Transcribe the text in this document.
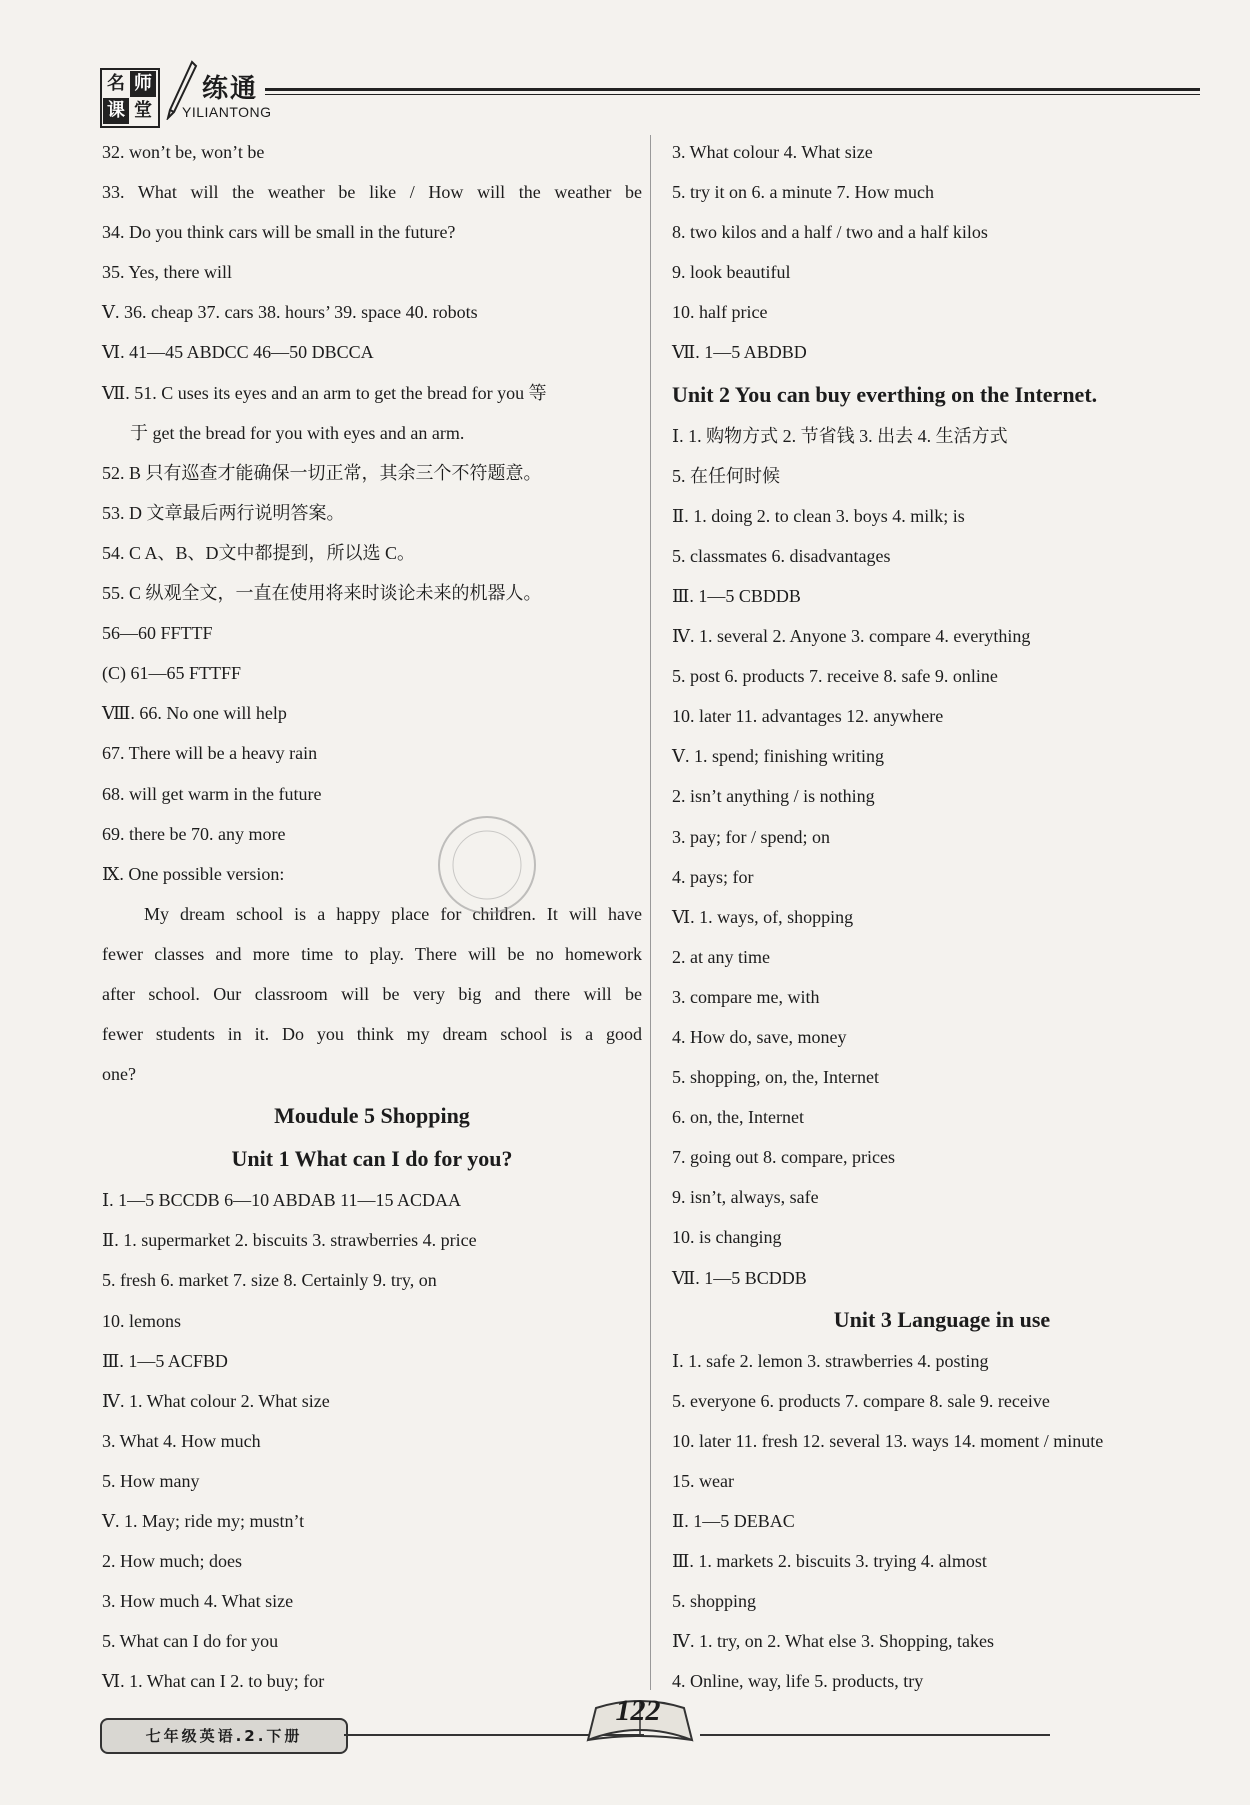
名 师
课 堂
练通
YILIANTONG
32. won’t be, won’t be
33. What will the weather be like / How will the weather be
34. Do you think cars will be small in the future?
35. Yes, there will
Ⅴ. 36. cheap 37. cars 38. hours’ 39. space 40. robots
Ⅵ. 41—45 ABDCC 46—50 DBCCA
Ⅶ. 51. C uses its eyes and an arm to get the bread for you 等
于 get the bread for you with eyes and an arm.
52. B 只有巡查才能确保一切正常，其余三个不符题意。
53. D 文章最后两行说明答案。
54. C A、B、D文中都提到，所以选 C。
55. C 纵观全文，一直在使用将来时谈论未来的机器人。
56—60 FFTTF
(C) 61—65 FTTFF
Ⅷ. 66. No one will help
67. There will be a heavy rain
68. will get warm in the future
69. there be 70. any more
Ⅸ. One possible version:
My dream school is a happy place for children. It will have
fewer classes and more time to play. There will be no homework
after school. Our classroom will be very big and there will be
fewer students in it. Do you think my dream school is a good
one?
Moudule 5 Shopping
Unit 1 What can I do for you?
Ⅰ. 1—5 BCCDB 6—10 ABDAB 11—15 ACDAA
Ⅱ. 1. supermarket 2. biscuits 3. strawberries 4. price
5. fresh 6. market 7. size 8. Certainly 9. try, on
10. lemons
Ⅲ. 1—5 ACFBD
Ⅳ. 1. What colour 2. What size
3. What 4. How much
5. How many
Ⅴ. 1. May; ride my; mustn’t
2. How much; does
3. How much 4. What size
5. What can I do for you
Ⅵ. 1. What can I 2. to buy; for
3. What colour 4. What size
5. try it on 6. a minute 7. How much
8. two kilos and a half / two and a half kilos
9. look beautiful
10. half price
Ⅶ. 1—5 ABDBD
Unit 2 You can buy everthing on the Internet.
Ⅰ. 1. 购物方式 2. 节省钱 3. 出去 4. 生活方式
5. 在任何时候
Ⅱ. 1. doing 2. to clean 3. boys 4. milk; is
5. classmates 6. disadvantages
Ⅲ. 1—5 CBDDB
Ⅳ. 1. several 2. Anyone 3. compare 4. everything
5. post 6. products 7. receive 8. safe 9. online
10. later 11. advantages 12. anywhere
Ⅴ. 1. spend; finishing writing
2. isn’t anything / is nothing
3. pay; for / spend; on
4. pays; for
Ⅵ. 1. ways, of, shopping
2. at any time
3. compare me, with
4. How do, save, money
5. shopping, on, the, Internet
6. on, the, Internet
7. going out 8. compare, prices
9. isn’t, always, safe
10. is changing
Ⅶ. 1—5 BCDDB
Unit 3 Language in use
Ⅰ. 1. safe 2. lemon 3. strawberries 4. posting
5. everyone 6. products 7. compare 8. sale 9. receive
10. later 11. fresh 12. several 13. ways 14. moment / minute
15. wear
Ⅱ. 1—5 DEBAC
Ⅲ. 1. markets 2. biscuits 3. trying 4. almost
5. shopping
Ⅳ. 1. try, on 2. What else 3. Shopping, takes
4. Online, way, life 5. products, try
七年级英语.2.下册
122
